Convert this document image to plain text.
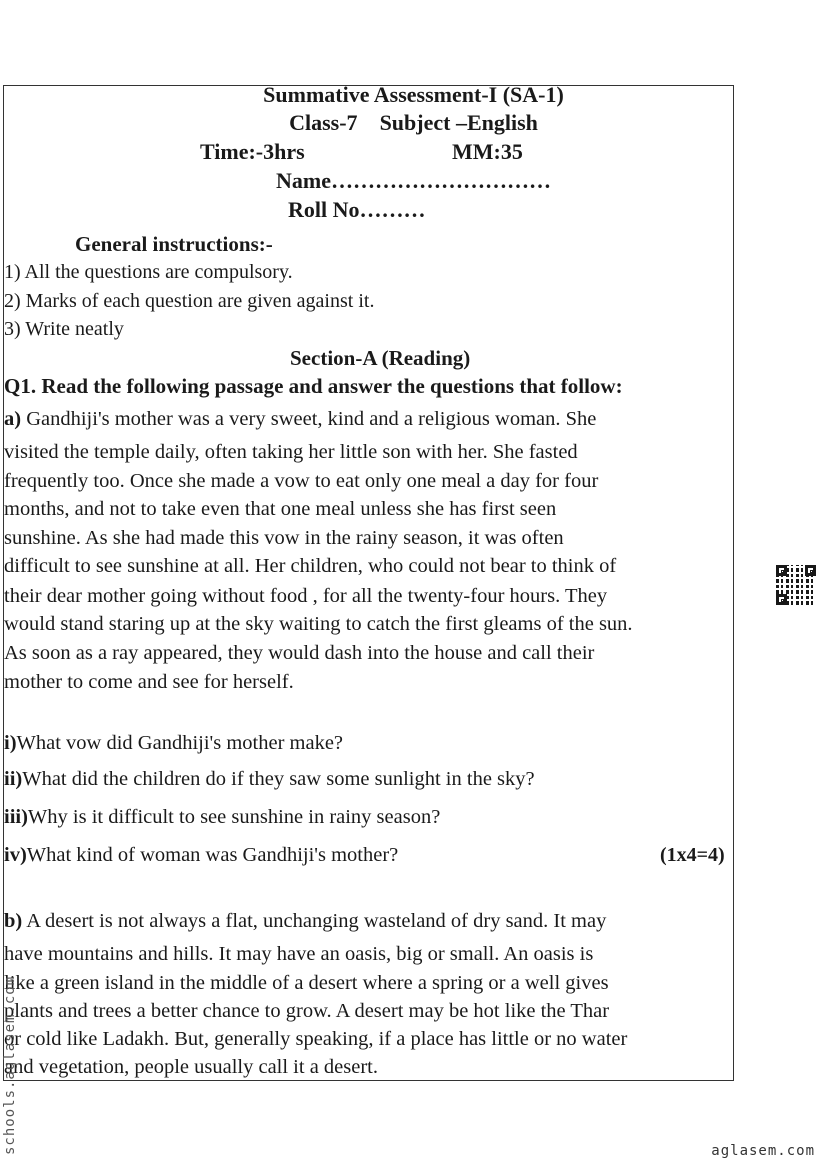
Summative Assessment-I (SA-1)
Class-7 Subject –English
Time:-3hrs	MM:35
Name…………………………
Roll No………
General instructions:-
1) All the questions are compulsory.
2) Marks of each question are given against it.
3) Write neatly
Section-A (Reading)
Q1. Read the following passage and answer the questions that follow:
a) Gandhiji's mother was a very sweet, kind and a religious woman. She
visited the temple daily, often taking her little son with her. She fasted
frequently too. Once she made a vow to eat only one meal a day for four
months, and not to take even that one meal unless she has first seen
sunshine. As she had made this vow in the rainy season, it was often
difficult to see sunshine at all. Her children, who could not bear to think of
their dear mother going without food , for all the twenty-four hours. They
would stand staring up at the sky waiting to catch the first gleams of the sun.
As soon as a ray appeared, they would dash into the house and call their
mother to come and see for herself.
i)What vow did Gandhiji's mother make?
ii)What did the children do if they saw some sunlight in the sky?
iii)Why is it difficult to see sunshine in rainy season?
iv)What kind of woman was Gandhiji's mother?	(1x4=4)
b) A desert is not always a flat, unchanging wasteland of dry sand. It may
have mountains and hills. It may have an oasis, big or small. An oasis is
like a green island in the middle of a desert where a spring or a well gives
plants and trees a better chance to grow. A desert may be hot like the Thar
or cold like Ladakh. But, generally speaking, if a place has little or no water
and vegetation, people usually call it a desert.
schools.aglasem.com	aglasem.com
